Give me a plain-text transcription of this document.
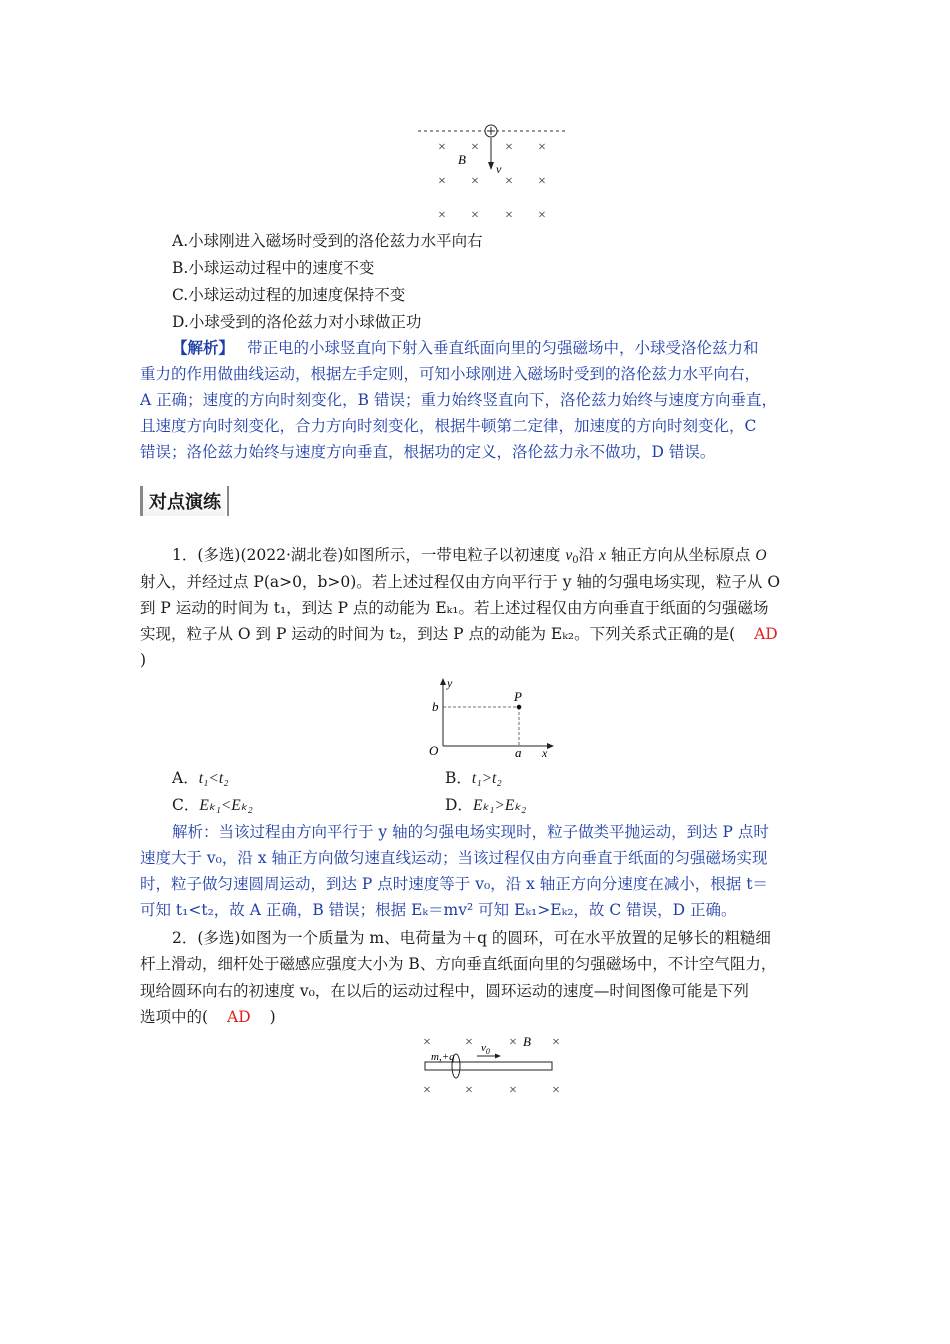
× × × ×
× × × ×
× × × ×
B
v
A.小球刚进入磁场时受到的洛伦兹力水平向右
B.小球运动过程中的速度不变
C.小球运动过程的加速度保持不变
D.小球受到的洛伦兹力对小球做正功
【解析】 带正电的小球竖直向下射入垂直纸面向里的匀强磁场中，小球受洛伦兹力和
重力的作用做曲线运动，根据左手定则，可知小球刚进入磁场时受到的洛伦兹力水平向右，
A 正确；速度的方向时刻变化，B 错误；重力始终竖直向下，洛伦兹力始终与速度方向垂直，
且速度方向时刻变化，合力方向时刻变化，根据牛顿第二定律，加速度的方向时刻变化，C
错误；洛伦兹力始终与速度方向垂直，根据功的定义，洛伦兹力永不做功，D 错误。
对点演练
1．(多选)(2022·湖北卷)如图所示，一带电粒子以初速度 $v_0$沿 x 轴正方向从坐标原点 O
射入，并经过点 P(a>0，b>0)。若上述过程仅由方向平行于 y 轴的匀强电场实现，粒子从 O
到 P 运动的时间为 t₁，到达 P 点的动能为 Eₖ₁。若上述过程仅由方向垂直于纸面的匀强磁场
实现，粒子从 O 到 P 运动的时间为 t₂，到达 P 点的动能为 Eₖ₂。下列关系式正确的是( AD
)
y
P
b
O	a x
A．t₁<t₂	B．t₁>t₂
C．Eₖ₁<Eₖ₂	D．Eₖ₁>Eₖ₂
解析：当该过程由方向平行于 y 轴的匀强电场实现时，粒子做类平抛运动，到达 P 点时
速度大于 v₀，沿 x 轴正方向做匀速直线运动；当该过程仅由方向垂直于纸面的匀强磁场实现
时，粒子做匀速圆周运动，到达 P 点时速度等于 v₀，沿 x 轴正方向分速度在减小，根据 t＝
可知 t₁<t₂，故 A 正确，B 错误；根据 Eₖ＝mv² 可知 Eₖ₁>Eₖ₂，故 C 错误，D 正确。
2．(多选)如图为一个质量为 m、电荷量为＋q 的圆环，可在水平放置的足够长的粗糙细
杆上滑动，细杆处于磁感应强度大小为 B、方向垂直纸面向里的匀强磁场中，不计空气阻力，
现给圆环向右的初速度 v₀，在以后的运动过程中，圆环运动的速度—时间图像可能是下列
选项中的( AD )
× ×	×	×
× ×	×	×
m,+q
$v_0$
B
